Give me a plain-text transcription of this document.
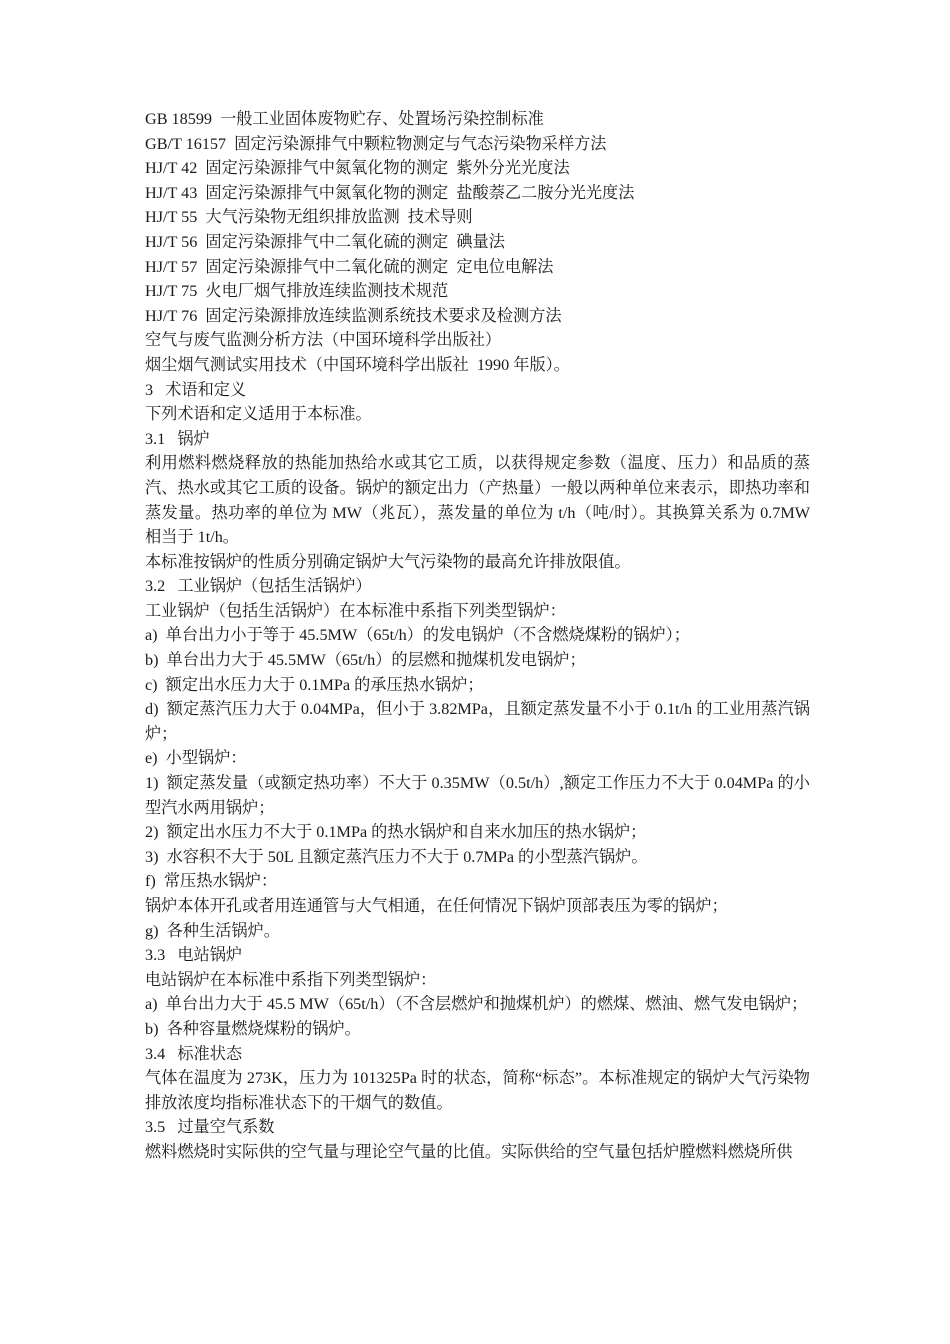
GB 18599  一般工业固体废物贮存、处置场污染控制标准

GB/T 16157  固定污染源排气中颗粒物测定与气态污染物采样方法

HJ/T 42  固定污染源排气中氮氧化物的测定  紫外分光光度法

HJ/T 43  固定污染源排气中氮氧化物的测定  盐酸萘乙二胺分光光度法

HJ/T 55  大气污染物无组织排放监测  技术导则

HJ/T 56  固定污染源排气中二氧化硫的测定  碘量法

HJ/T 57  固定污染源排气中二氧化硫的测定  定电位电解法

HJ/T 75  火电厂烟气排放连续监测技术规范

HJ/T 76  固定污染源排放连续监测系统技术要求及检测方法

空气与废气监测分析方法（中国环境科学出版社）

烟尘烟气测试实用技术（中国环境科学出版社  1990 年版）。

3   术语和定义

下列术语和定义适用于本标准。

3.1   锅炉

利用燃料燃烧释放的热能加热给水或其它工质，以获得规定参数（温度、压力）和品质的蒸汽、热水或其它工质的设备。锅炉的额定出力（产热量）一般以两种单位来表示，即热功率和蒸发量。热功率的单位为 MW（兆瓦），蒸发量的单位为 t/h（吨/时）。其换算关系为 0.7MW 相当于 1t/h。

本标准按锅炉的性质分别确定锅炉大气污染物的最高允许排放限值。

3.2   工业锅炉（包括生活锅炉）

工业锅炉（包括生活锅炉）在本标准中系指下列类型锅炉：

a)  单台出力小于等于 45.5MW（65t/h）的发电锅炉（不含燃烧煤粉的锅炉）；

b)  单台出力大于 45.5MW（65t/h）的层燃和抛煤机发电锅炉；

c)  额定出水压力大于 0.1MPa 的承压热水锅炉；

d)  额定蒸汽压力大于 0.04MPa，但小于 3.82MPa，且额定蒸发量不小于 0.1t/h 的工业用蒸汽锅炉；

e)  小型锅炉：

1)  额定蒸发量（或额定热功率）不大于 0.35MW（0.5t/h）,额定工作压力不大于 0.04MPa 的小型汽水两用锅炉；

2)  额定出水压力不大于 0.1MPa 的热水锅炉和自来水加压的热水锅炉；

3)  水容积不大于 50L 且额定蒸汽压力不大于 0.7MPa 的小型蒸汽锅炉。

f)  常压热水锅炉：

锅炉本体开孔或者用连通管与大气相通，在任何情况下锅炉顶部表压为零的锅炉；

g)  各种生活锅炉。

3.3   电站锅炉

电站锅炉在本标准中系指下列类型锅炉：

a)  单台出力大于 45.5 MW（65t/h）（不含层燃炉和抛煤机炉）的燃煤、燃油、燃气发电锅炉；

b)  各种容量燃烧煤粉的锅炉。

3.4   标准状态

气体在温度为 273K，压力为 101325Pa 时的状态，简称“标态”。本标准规定的锅炉大气污染物排放浓度均指标准状态下的干烟气的数值。

3.5   过量空气系数

燃料燃烧时实际供的空气量与理论空气量的比值。实际供给的空气量包括炉膛燃料燃烧所供
